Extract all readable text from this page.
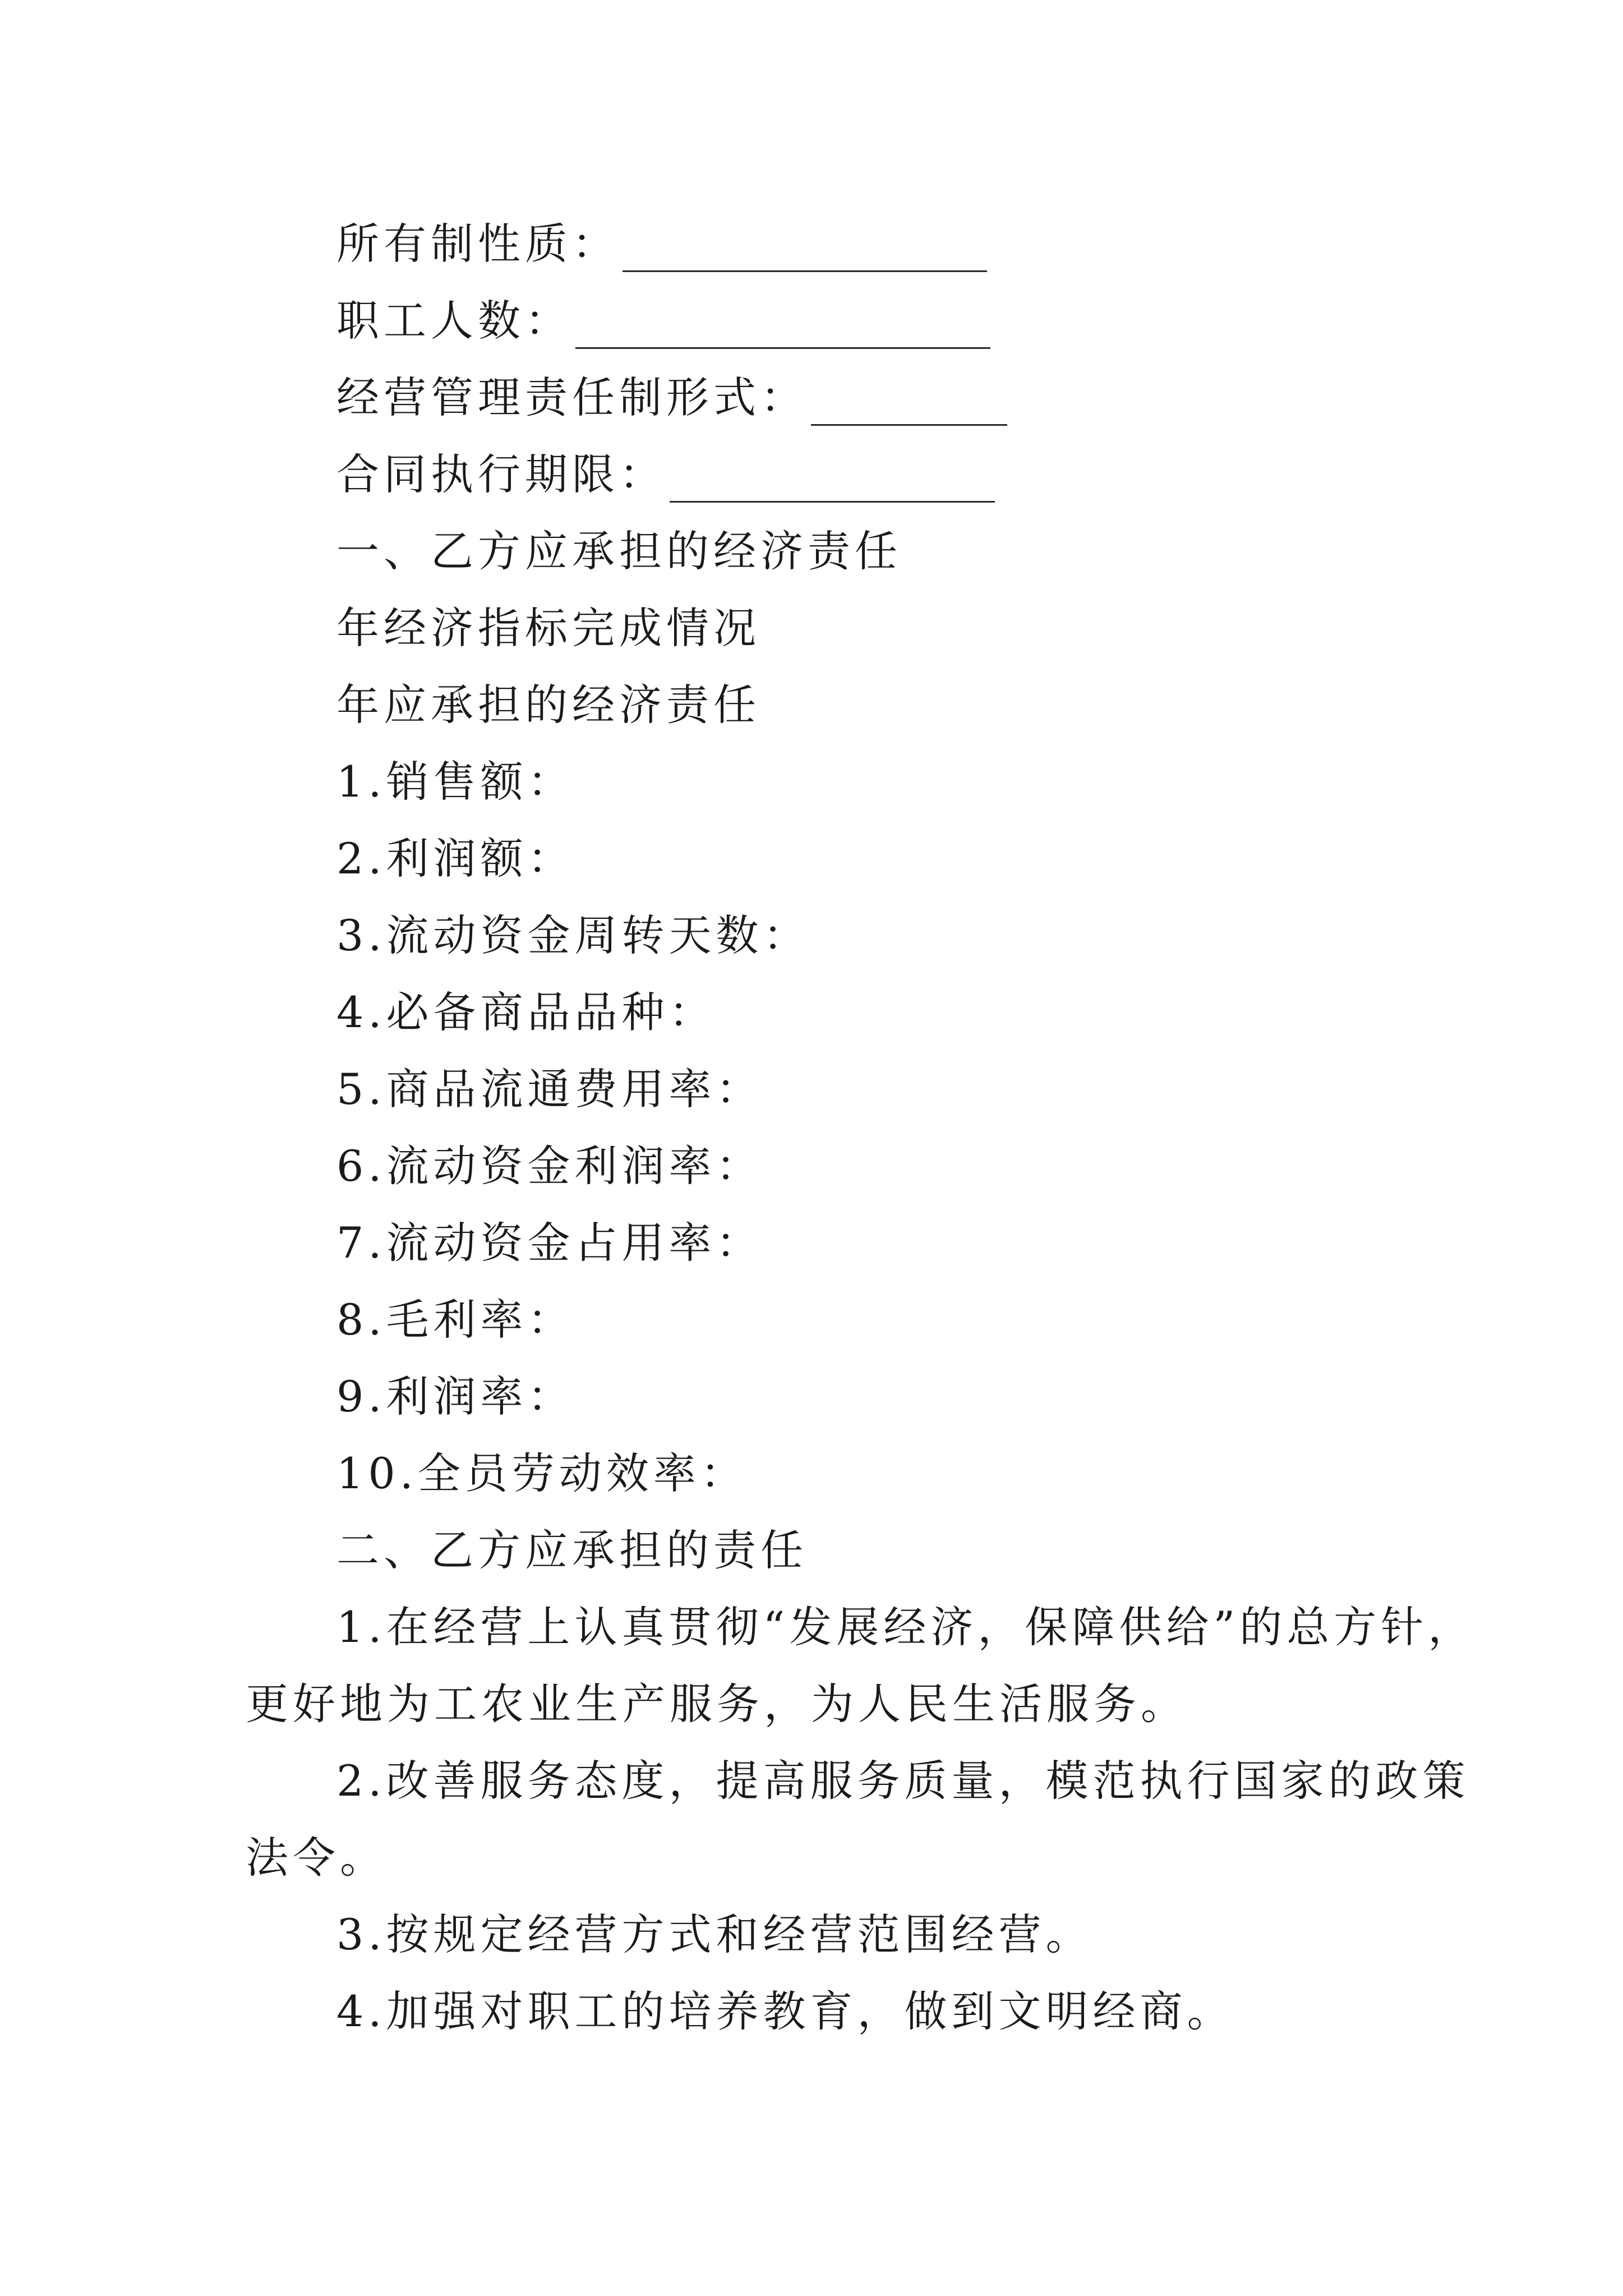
所有制性质：
职工人数：
经营管理责任制形式：
合同执行期限：
一、乙方应承担的经济责任
年经济指标完成情况
年应承担的经济责任
1.销售额：
2.利润额：
3.流动资金周转天数：
4.必备商品品种：
5.商品流通费用率：
6.流动资金利润率：
7.流动资金占用率：
8.毛利率：
9.利润率：
10.全员劳动效率：
二、乙方应承担的责任
1.在经营上认真贯彻“发展经济，保障供给”的总方针，
更好地为工农业生产服务，为人民生活服务。
2.改善服务态度，提高服务质量，模范执行国家的政策
法令。
3.按规定经营方式和经营范围经营。
4.加强对职工的培养教育，做到文明经商。
